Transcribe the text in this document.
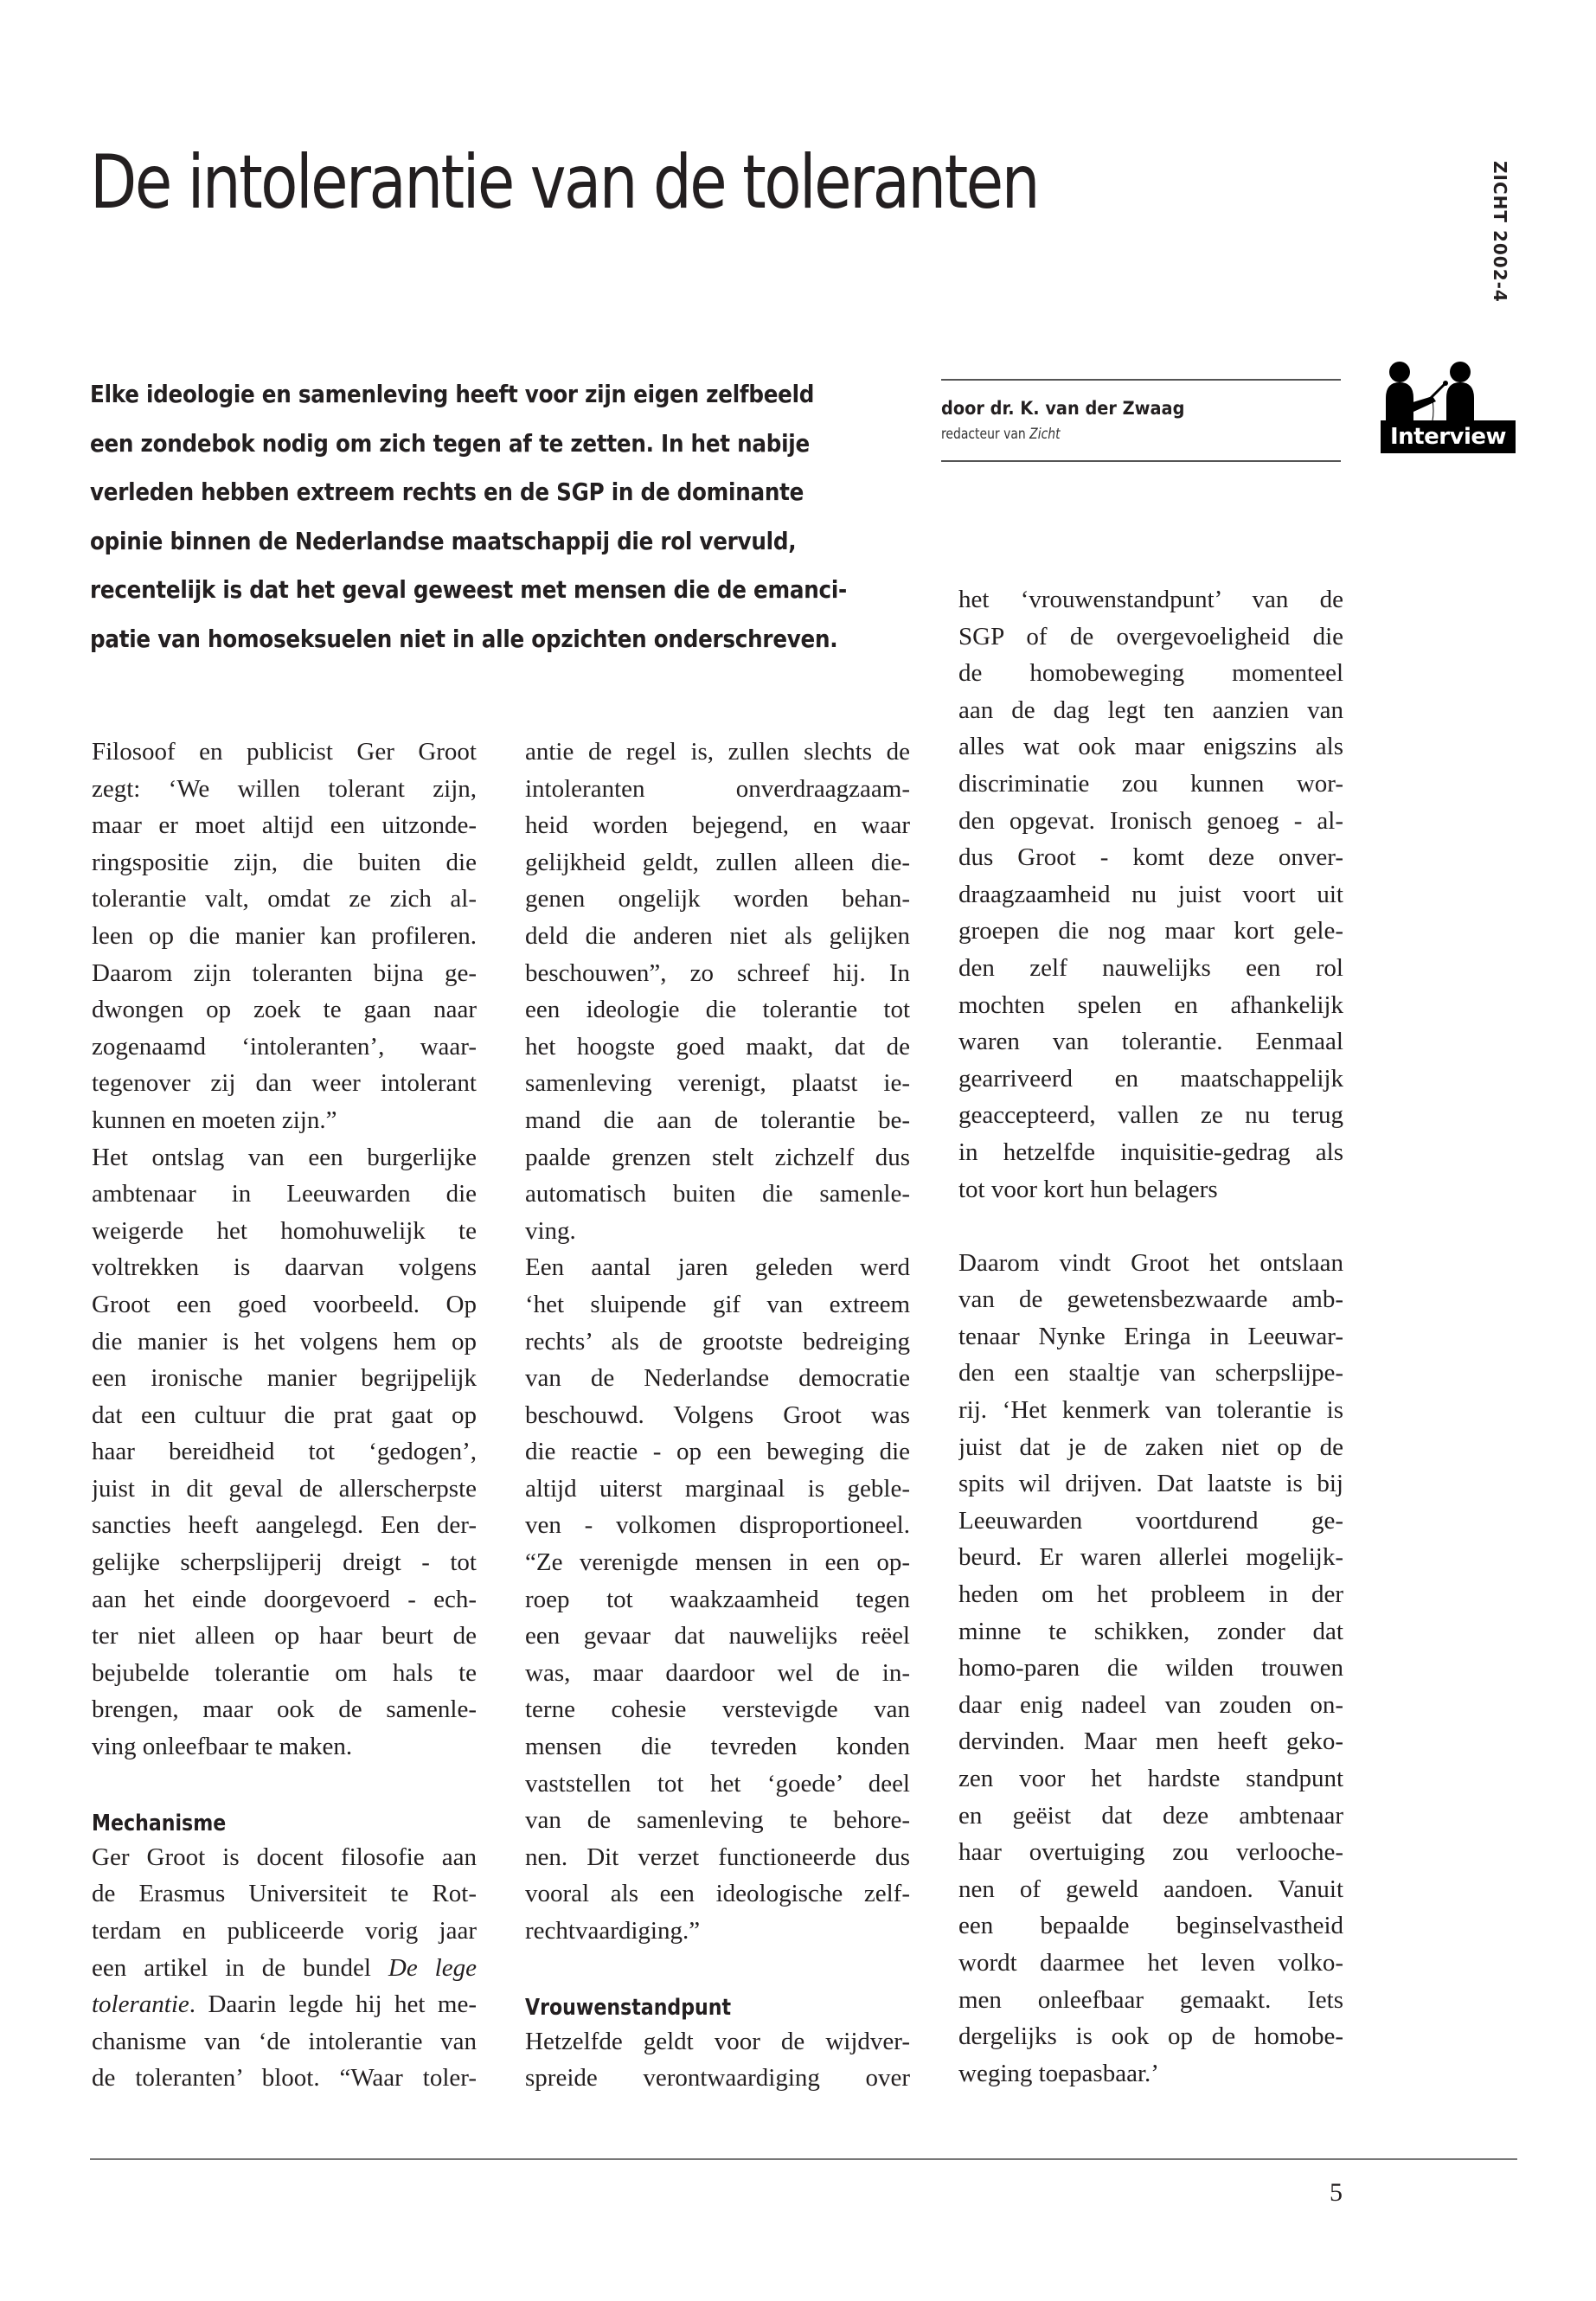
De intolerantie van de toleranten	ZICHT 2002-4
Elke ideologie en samenleving heeft voor zijn eigen zelfbeeld
een zondebok nodig om zich tegen af te zetten. In het nabije
verleden hebben extreem rechts en de SGP in de dominante
opinie binnen de Nederlandse maatschappij die rol vervuld,
recentelijk is dat het geval geweest met mensen die de emanci-
patie van homoseksuelen niet in alle opzichten onderschreven.
door dr. K. van der Zwaag
redacteur van Zicht	Interview
Filosoof en publicist Ger Groot
zegt: ‘We willen tolerant zijn,
maar er moet altijd een uitzonde-
ringspositie zijn, die buiten die
tolerantie valt, omdat ze zich al-
leen op die manier kan profileren.
Daarom zijn toleranten bijna ge-
dwongen op zoek te gaan naar
zogenaamd ‘intoleranten’, waar-
tegenover zij dan weer intolerant
kunnen en moeten zijn.”
Het ontslag van een burgerlijke
ambtenaar in Leeuwarden die
weigerde het homohuwelijk te
voltrekken is daarvan volgens
Groot een goed voorbeeld. Op
die manier is het volgens hem op
een ironische manier begrijpelijk
dat een cultuur die prat gaat op
haar bereidheid tot ‘gedogen’,
juist in dit geval de allerscherpste
sancties heeft aangelegd. Een der-
gelijke scherpslijperij dreigt - tot
aan het einde doorgevoerd - ech-
ter niet alleen op haar beurt de
bejubelde tolerantie om hals te
brengen, maar ook de samenle-
ving onleefbaar te maken.
Mechanisme
Ger Groot is docent filosofie aan
de Erasmus Universiteit te Rot-
terdam en publiceerde vorig jaar
een artikel in de bundel De lege
tolerantie. Daarin legde hij het me-
chanisme van ‘de intolerantie van
de toleranten’ bloot. “Waar toler-
antie de regel is, zullen slechts de
intoleranten onverdraagzaam-
heid worden bejegend, en waar
gelijkheid geldt, zullen alleen die-
genen ongelijk worden behan-
deld die anderen niet als gelijken
beschouwen”, zo schreef hij. In
een ideologie die tolerantie tot
het hoogste goed maakt, dat de
samenleving verenigt, plaatst ie-
mand die aan de tolerantie be-
paalde grenzen stelt zichzelf dus
automatisch buiten die samenle-
ving.
Een aantal jaren geleden werd
‘het sluipende gif van extreem
rechts’ als de grootste bedreiging
van de Nederlandse democratie
beschouwd. Volgens Groot was
die reactie - op een beweging die
altijd uiterst marginaal is geble-
ven - volkomen disproportioneel.
“Ze verenigde mensen in een op-
roep tot waakzaamheid tegen
een gevaar dat nauwelijks reëel
was, maar daardoor wel de in-
terne cohesie verstevigde van
mensen die tevreden konden
vaststellen tot het ‘goede’ deel
van de samenleving te behore-
nen. Dit verzet functioneerde dus
vooral als een ideologische zelf-
rechtvaardiging.”
Vrouwenstandpunt
Hetzelfde geldt voor de wijdver-
spreide verontwaardiging over
het ‘vrouwenstandpunt’ van de
SGP of de overgevoeligheid die
de homobeweging momenteel
aan de dag legt ten aanzien van
alles wat ook maar enigszins als
discriminatie zou kunnen wor-
den opgevat. Ironisch genoeg - al-
dus Groot - komt deze onver-
draagzaamheid nu juist voort uit
groepen die nog maar kort gele-
den zelf nauwelijks een rol
mochten spelen en afhankelijk
waren van tolerantie. Eenmaal
gearriveerd en maatschappelijk
geaccepteerd, vallen ze nu terug
in hetzelfde inquisitie-gedrag als
tot voor kort hun belagers
Daarom vindt Groot het ontslaan
van de gewetensbezwaarde amb-
tenaar Nynke Eringa in Leeuwar-
den een staaltje van scherpslijpe-
rij. ‘Het kenmerk van tolerantie is
juist dat je de zaken niet op de
spits wil drijven. Dat laatste is bij
Leeuwarden voortdurend ge-
beurd. Er waren allerlei mogelijk-
heden om het probleem in der
minne te schikken, zonder dat
homo-paren die wilden trouwen
daar enig nadeel van zouden on-
dervinden. Maar men heeft geko-
zen voor het hardste standpunt
en geëist dat deze ambtenaar
haar overtuiging zou verlooche-
nen of geweld aandoen. Vanuit
een bepaalde beginselvastheid
wordt daarmee het leven volko-
men onleefbaar gemaakt. Iets
dergelijks is ook op de homobe-
weging toepasbaar.’
5
